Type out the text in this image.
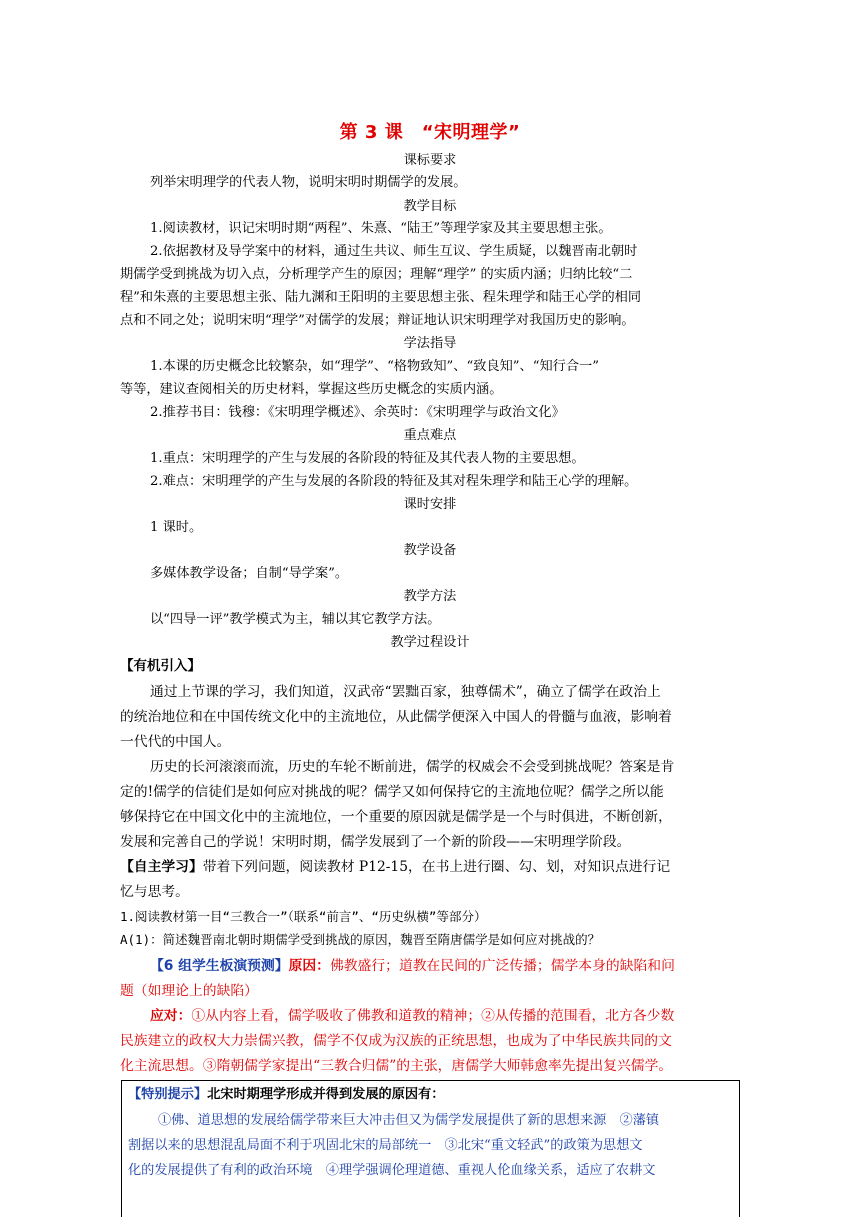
第 3 课　“宋明理学”
课标要求
列举宋明理学的代表人物，说明宋明时期儒学的发展。
教学目标
1.阅读教材，识记宋明时期“两程”、朱熹、“陆王”等理学家及其主要思想主张。
2.依据教材及导学案中的材料，通过生共议、师生互议、学生质疑，以魏晋南北朝时
期儒学受到挑战为切入点，分析理学产生的原因；理解“理学” 的实质内涵；归纳比较“二
程”和朱熹的主要思想主张、陆九渊和王阳明的主要思想主张、程朱理学和陆王心学的相同
点和不同之处；说明宋明“理学”对儒学的发展；辩证地认识宋明理学对我国历史的影响。
学法指导
1.本课的历史概念比较繁杂，如“理学”、“格物致知”、“致良知”、“知行合一”
等等，建议查阅相关的历史材料，掌握这些历史概念的实质内涵。
2.推荐书目：钱穆：《宋明理学概述》、余英时：《宋明理学与政治文化》
重点难点
1.重点：宋明理学的产生与发展的各阶段的特征及其代表人物的主要思想。
2.难点：宋明理学的产生与发展的各阶段的特征及其对程朱理学和陆王心学的理解。
课时安排
1 课时。
教学设备
多媒体教学设备；自制“导学案”。
教学方法
以“四导一评”教学模式为主，辅以其它教学方法。
教学过程设计
【有机引入】
通过上节课的学习，我们知道，汉武帝“罢黜百家，独尊儒术”，确立了儒学在政治上
的统治地位和在中国传统文化中的主流地位，从此儒学便深入中国人的骨髓与血液，影响着
一代代的中国人。
历史的长河滚滚而流，历史的车轮不断前进，儒学的权威会不会受到挑战呢？答案是肯
定的!儒学的信徒们是如何应对挑战的呢？儒学又如何保持它的主流地位呢？儒学之所以能
够保持它在中国文化中的主流地位，一个重要的原因就是儒学是一个与时俱进，不断创新，
发展和完善自己的学说！宋明时期，儒学发展到了一个新的阶段——宋明理学阶段。
【自主学习】带着下列问题，阅读教材 P12-15，在书上进行圈、勾、划，对知识点进行记
忆与思考。
1.阅读教材第一目“三教合一”（联系“前言”、“历史纵横”等部分）
A(1)：简述魏晋南北朝时期儒学受到挑战的原因，魏晋至隋唐儒学是如何应对挑战的？
【6 组学生板演预测】原因：佛教盛行；道教在民间的广泛传播；儒学本身的缺陷和问
题（如理论上的缺陷）
应对：①从内容上看，儒学吸收了佛教和道教的精神；②从传播的范围看，北方各少数
民族建立的政权大力崇儒兴教，儒学不仅成为汉族的正统思想，也成为了中华民族共同的文
化主流思想。③隋朝儒学家提出“三教合归儒”的主张，唐儒学大师韩愈率先提出复兴儒学。
【特别提示】北宋时期理学形成并得到发展的原因有：
①佛、道思想的发展给儒学带来巨大冲击但又为儒学发展提供了新的思想来源　②藩镇
割据以来的思想混乱局面不利于巩固北宋的局部统一　③北宋“重文轻武”的政策为思想文
化的发展提供了有利的政治环境　④理学强调伦理道德、重视人伦血缘关系，适应了农耕文
